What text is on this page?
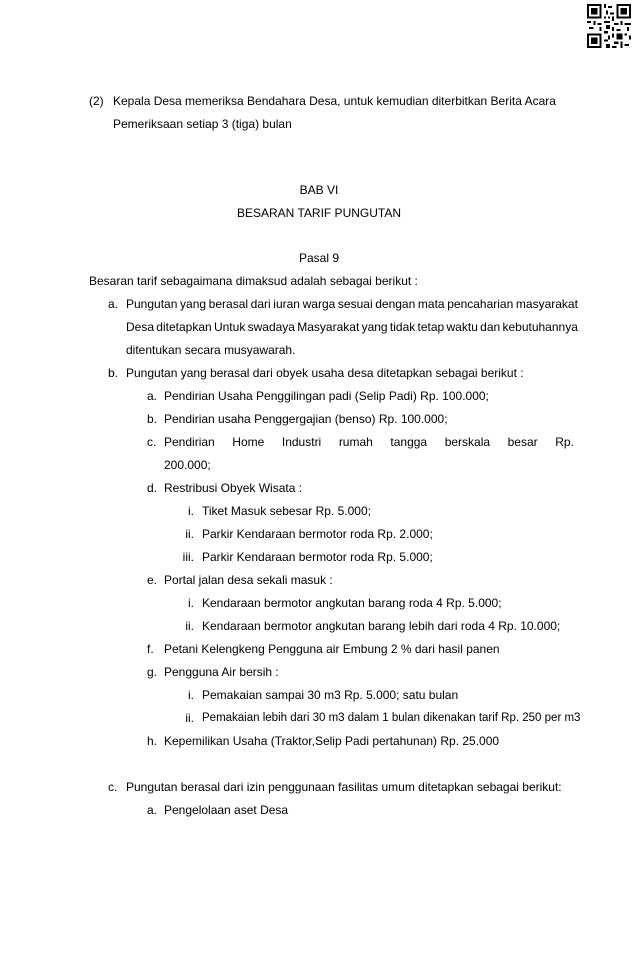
(2) Kepala Desa memeriksa Bendahara Desa, untuk kemudian diterbitkan Berita Acara
Pemeriksaan setiap 3 (tiga) bulan
BAB VI
BESARAN TARIF PUNGUTAN
Pasal 9
Besaran tarif sebagaimana dimaksud adalah sebagai berikut :
a. Pungutan yang berasal dari iuran warga sesuai dengan mata pencaharian masyarakat
Desa ditetapkan Untuk swadaya Masyarakat yang tidak tetap waktu dan kebutuhannya
ditentukan secara musyawarah.
b. Pungutan yang berasal dari obyek usaha desa ditetapkan sebagai berikut :
a. Pendirian Usaha Penggilingan padi (Selip Padi) Rp. 100.000;
b. Pendirian usaha Penggergajian (benso) Rp. 100.000;
c. Pendirian Home Industri rumah tangga berskala besar Rp.
200.000;
d. Restribusi Obyek Wisata :
i. Tiket Masuk sebesar Rp. 5.000;
ii. Parkir Kendaraan bermotor roda Rp. 2.000;
iii. Parkir Kendaraan bermotor roda Rp. 5.000;
e. Portal jalan desa sekali masuk :
i. Kendaraan bermotor angkutan barang roda 4 Rp. 5.000;
ii. Kendaraan bermotor angkutan barang lebih dari roda 4 Rp. 10.000;
f. Petani Kelengkeng Pengguna air Embung 2 % dari hasil panen
g. Pengguna Air bersih :
i. Pemakaian sampai 30 m3 Rp. 5.000; satu bulan
ii. Pemakaian lebih dari 30 m3 dalam 1 bulan dikenakan tarif Rp. 250 per m3
h. Kepemilikan Usaha (Traktor,Selip Padi pertahunan) Rp. 25.000
c. Pungutan berasal dari izin penggunaan fasilitas umum ditetapkan sebagai berikut:
a. Pengelolaan aset Desa
